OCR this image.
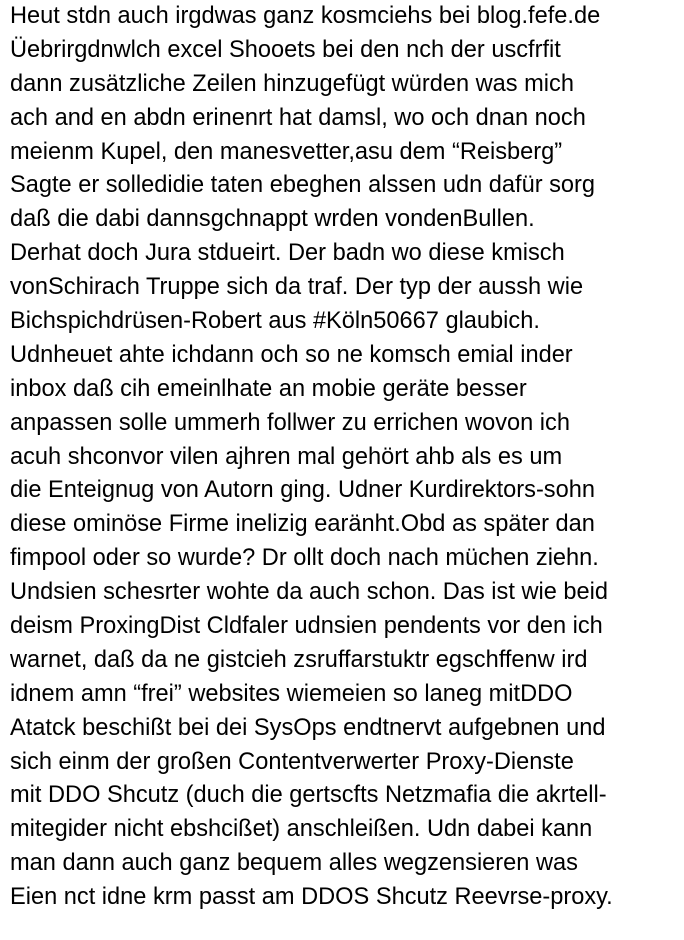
Heut stdn auch irgdwas ganz kosmciehs bei blog.fefe.de
Üebrirgdnwlch excel Shooets bei den nch der uscfrfit
dann zusätzliche Zeilen hinzugefügt würden was mich
ach and en abdn erinenrt hat damsl, wo och dnan noch
meienm Kupel, den manesvetter,asu dem “Reisberg”
Sagte er solledidie taten ebeghen alssen udn dafür sorg
daß die dabi dannsgchnappt wrden vondenBullen.
Derhat doch Jura stdueirt. Der badn wo diese kmisch
vonSchirach Truppe sich da traf. Der typ der aussh wie
Bichspichdrüsen-Robert aus #Köln50667 glaubich.
Udnheuet ahte ichdann och so ne komsch emial inder
inbox daß cih emeinlhate an mobie geräte besser
anpassen solle ummerh follwer zu errichen wovon ich
acuh shconvor vilen ajhren mal gehört ahb als es um
die Enteignug von Autorn ging. Udner Kurdirektors-sohn
diese ominöse Firme inelizig earänht.Obd as später dan
fimpool oder so wurde? Dr ollt doch nach müchen ziehn.
Undsien schesrter wohte da auch schon. Das ist wie beid
deism ProxingDist Cldfaler udnsien pendents vor den ich
warnet, daß da ne gistcieh zsruffarstuktr egschffenw ird
idnem amn “frei” websites wiemeien so laneg mitDDO
Atatck beschißt bei dei SysOps endtnervt aufgebnen und
sich einm der großen Contentverwerter Proxy-Dienste
mit DDO Shcutz (duch die gertscfts Netzmafia die akrtell-
mitegider nicht ebshcißet) anschleißen. Udn dabei kann
man dann auch ganz bequem alles wegzensieren was
Eien nct idne krm passt am DDOS Shcutz Reevrse-proxy.
